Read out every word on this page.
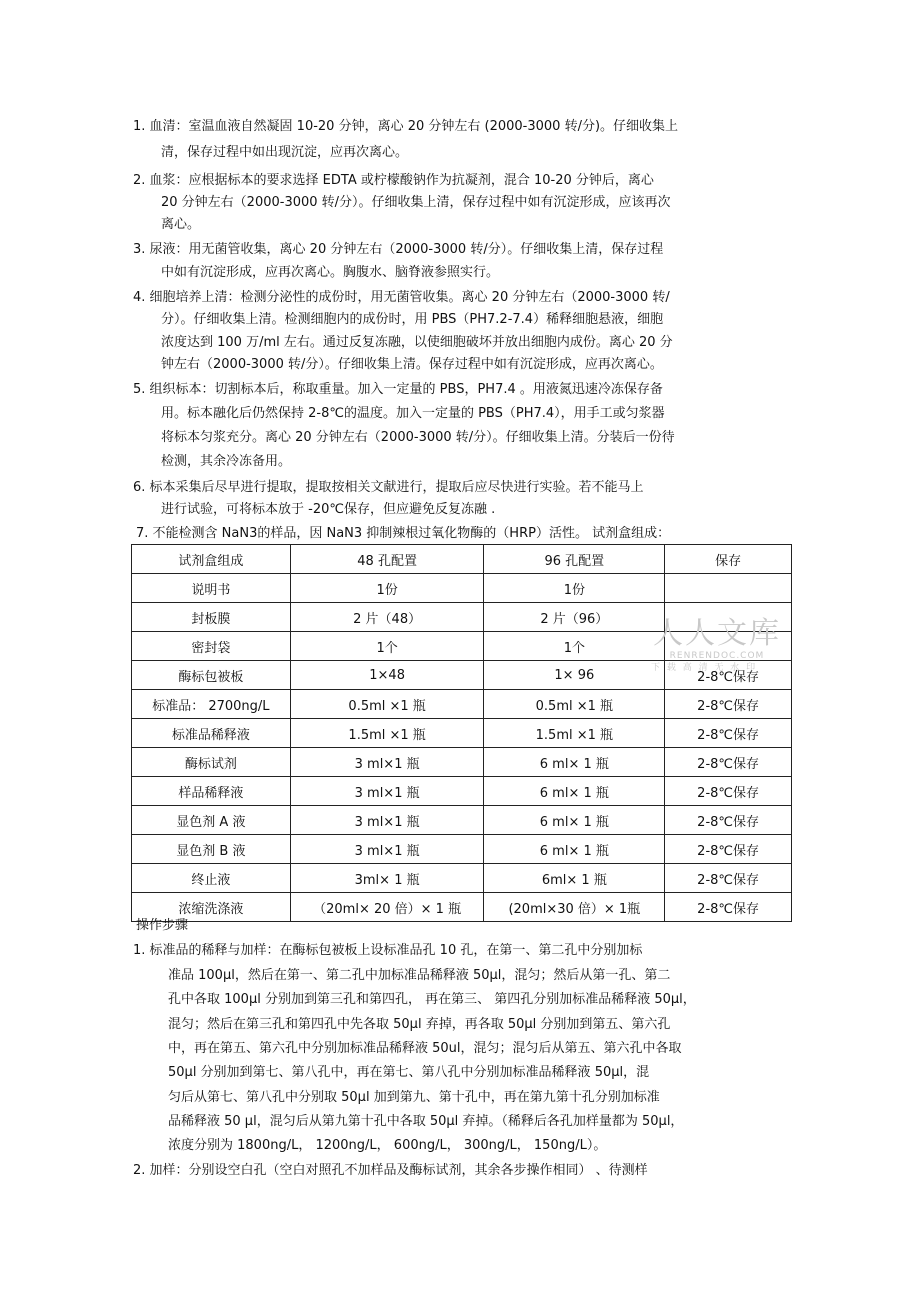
1. 血清：室温血液自然凝固 10-20 分钟，离心 20 分钟左右 (2000-3000 转/分)。仔细收集上
清，保存过程中如出现沉淀，应再次离心。
2. 血浆：应根据标本的要求选择 EDTA 或柠檬酸钠作为抗凝剂，混合 10-20 分钟后，离心
20 分钟左右（2000-3000 转/分）。仔细收集上清，保存过程中如有沉淀形成，应该再次
离心。
3. 尿液：用无菌管收集，离心 20 分钟左右（2000-3000 转/分）。仔细收集上清，保存过程
中如有沉淀形成，应再次离心。胸腹水、脑脊液参照实行。
4. 细胞培养上清：检测分泌性的成份时，用无菌管收集。离心 20 分钟左右（2000-3000 转/
分）。仔细收集上清。检测细胞内的成份时，用 PBS（PH7.2-7.4）稀释细胞悬液，细胞
浓度达到 100 万/ml 左右。通过反复冻融，以使细胞破坏并放出细胞内成份。离心 20 分
钟左右（2000-3000 转/分）。仔细收集上清。保存过程中如有沉淀形成，应再次离心。
5. 组织标本：切割标本后，称取重量。加入一定量的 PBS，PH7.4 。用液氮迅速冷冻保存备
用。标本融化后仍然保持 2-8℃的温度。加入一定量的 PBS（PH7.4），用手工或匀浆器
将标本匀浆充分。离心 20 分钟左右（2000-3000 转/分）。仔细收集上清。分装后一份待
检测，其余冷冻备用。
6. 标本采集后尽早进行提取，提取按相关文献进行，提取后应尽快进行实验。若不能马上
进行试验，可将标本放于 -20℃保存，但应避免反复冻融 .
7. 不能检测含 NaN3的样品，因 NaN3 抑制辣根过氧化物酶的（HRP）活性。 试剂盒组成：
试剂盒组成	48 孔配置	96 孔配置	保存
说明书	1份	1份	
封板膜	2 片（48）	2 片（96）	
密封袋	1个	1个	
酶标包被板	1×48	1× 96	2-8℃保存
标准品： 2700ng/L	0.5ml ×1 瓶	0.5ml ×1 瓶	2-8℃保存
标准品稀释液	1.5ml ×1 瓶	1.5ml ×1 瓶	2-8℃保存
酶标试剂	3 ml×1 瓶	6 ml× 1 瓶	2-8℃保存
样品稀释液	3 ml×1 瓶	6 ml× 1 瓶	2-8℃保存
显色剂 A 液	3 ml×1 瓶	6 ml× 1 瓶	2-8℃保存
显色剂 B 液	3 ml×1 瓶	6 ml× 1 瓶	2-8℃保存
终止液	3ml× 1 瓶	6ml× 1 瓶	2-8℃保存
浓缩洗涤液	（20ml× 20 倍）× 1 瓶	(20ml×30 倍）× 1瓶	2-8℃保存
人人文库
RENRENDOC.COM
下 载 高 清 无 水 印
操作步骤
1. 标准品的稀释与加样：在酶标包被板上设标准品孔 10 孔，在第一、第二孔中分别加标
准品 100μl，然后在第一、第二孔中加标准品稀释液 50μl，混匀；然后从第一孔、第二
孔中各取 100μl 分别加到第三孔和第四孔， 再在第三、 第四孔分别加标准品稀释液 50μl，
混匀；然后在第三孔和第四孔中先各取 50μl 弃掉，再各取 50μl 分别加到第五、第六孔
中，再在第五、第六孔中分别加标准品稀释液 50ul，混匀；混匀后从第五、第六孔中各取
50μl 分别加到第七、第八孔中，再在第七、第八孔中分别加标准品稀释液 50μl，混
匀后从第七、第八孔中分别取 50μl 加到第九、第十孔中，再在第九第十孔分别加标准
品稀释液 50 μl，混匀后从第九第十孔中各取 50μl 弃掉。（稀释后各孔加样量都为 50μl，
浓度分别为 1800ng/L， 1200ng/L， 600ng/L， 300ng/L， 150ng/L）。
2. 加样：分别设空白孔（空白对照孔不加样品及酶标试剂，其余各步操作相同） 、待测样
